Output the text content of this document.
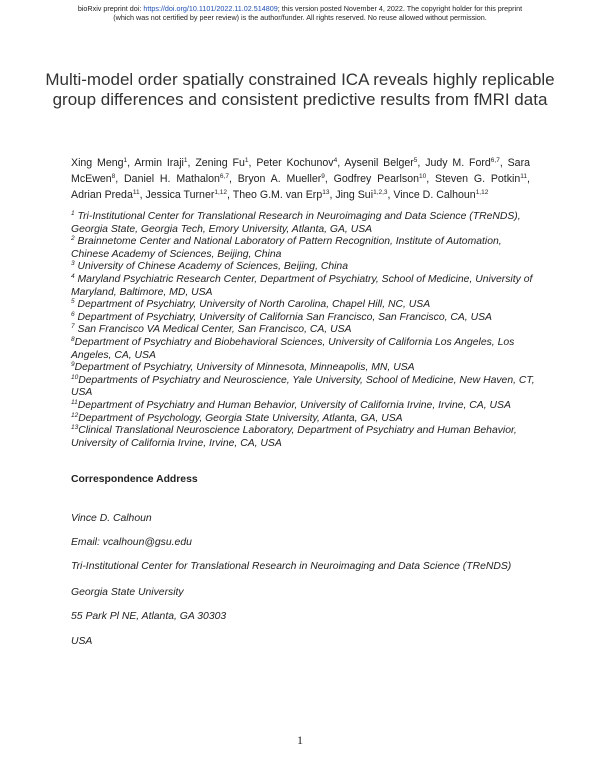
bioRxiv preprint doi: https://doi.org/10.1101/2022.11.02.514809; this version posted November 4, 2022. The copyright holder for this preprint
(which was not certified by peer review) is the author/funder. All rights reserved. No reuse allowed without permission.
Multi-model order spatially constrained ICA reveals highly replicable group differences and consistent predictive results from fMRI data
Xing Meng$^1$, Armin Iraji$^1$, Zening Fu$^1$, Peter Kochunov$^4$, Aysenil Belger$^5$, Judy M. Ford$^{6,7}$, Sara McEwen$^8$, Daniel H. Mathalon$^{6,7}$, Bryon A. Mueller$^9$, Godfrey Pearlson$^{10}$, Steven G. Potkin$^{11}$, Adrian Preda$^{11}$, Jessica Turner$^{1,12}$, Theo G.M. van Erp$^{13}$, Jing Sui$^{1,2,3}$, Vince D. Calhoun$^{1,12}$

$^1$ Tri-Institutional Center for Translational Research in Neuroimaging and Data Science (TReNDS), Georgia State, Georgia Tech, Emory University, Atlanta, GA, USA

$^2$ Brainnetome Center and National Laboratory of Pattern Recognition, Institute of Automation, Chinese Academy of Sciences, Beijing, China

$^3$ University of Chinese Academy of Sciences, Beijing, China

$^4$ Maryland Psychiatric Research Center, Department of Psychiatry, School of Medicine, University of Maryland, Baltimore, MD, USA

$^5$ Department of Psychiatry, University of North Carolina, Chapel Hill, NC, USA

$^6$ Department of Psychiatry, University of California San Francisco, San Francisco, CA, USA

$^7$ San Francisco VA Medical Center, San Francisco, CA, USA

$^8$Department of Psychiatry and Biobehavioral Sciences, University of California Los Angeles, Los Angeles, CA, USA

$^9$Department of Psychiatry, University of Minnesota, Minneapolis, MN, USA

$^{10}$Departments of Psychiatry and Neuroscience, Yale University, School of Medicine, New Haven, CT, USA

$^{11}$Department of Psychiatry and Human Behavior, University of California Irvine, Irvine, CA, USA

$^{12}$Department of Psychology, Georgia State University, Atlanta, GA, USA

$^{13}$Clinical Translational Neuroscience Laboratory, Department of Psychiatry and Human Behavior, University of California Irvine, Irvine, CA, USA

Correspondence Address
Vince D. Calhoun
Email: vcalhoun@gsu.edu
Tri-Institutional Center for Translational Research in Neuroimaging and Data Science (TReNDS)
Georgia State University
55 Park Pl NE, Atlanta, GA 30303
USA
1
